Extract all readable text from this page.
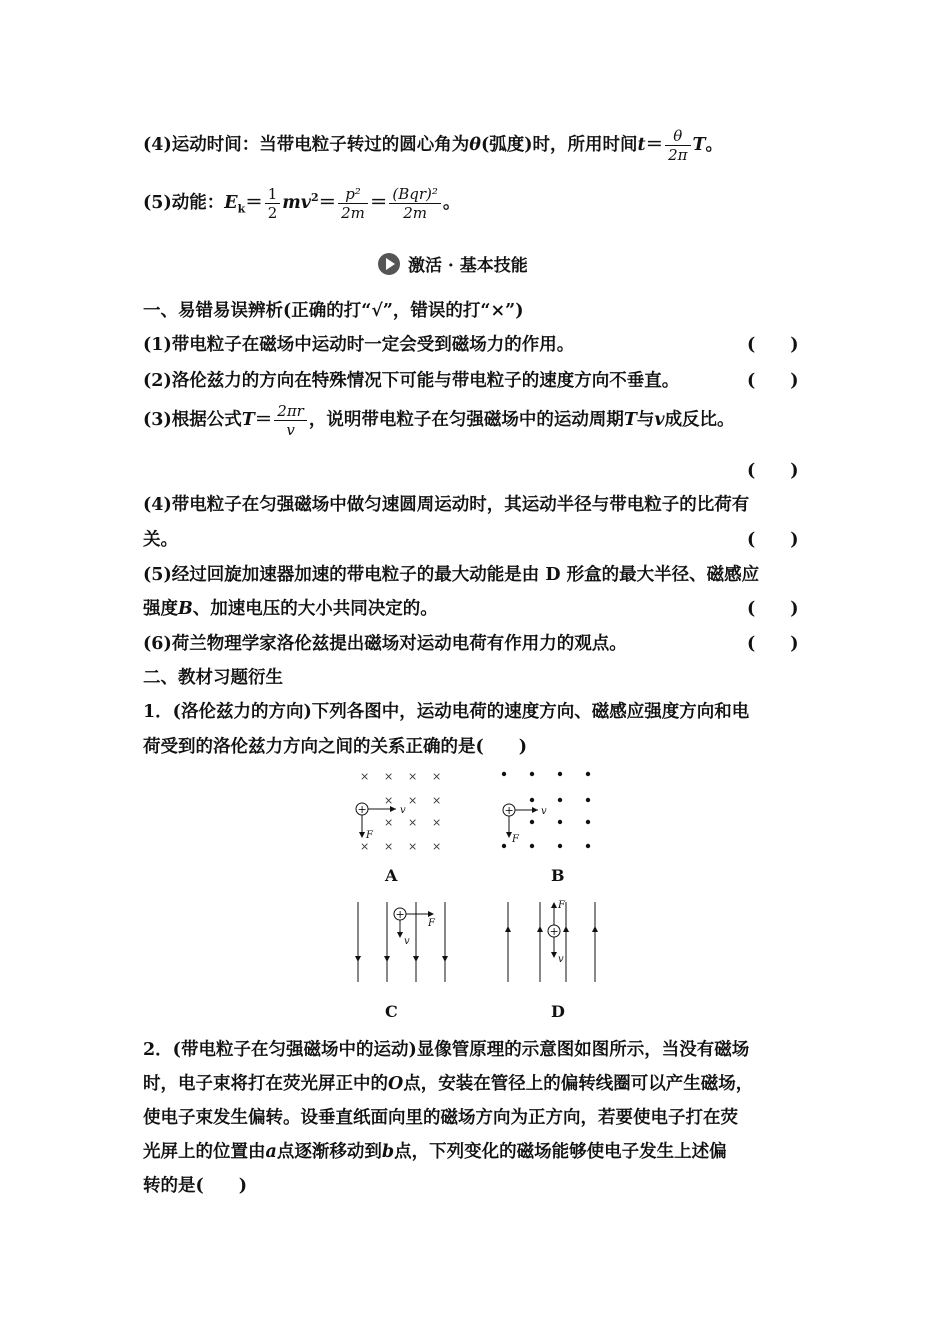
(4)运动时间：当带电粒子转过的圆心角为θ(弧度)时，所用时间$t= \frac{\theta}{2\pi}$ T。
(5)动能：$E_k= \frac{1}{2} mv^2= \frac{\text{p²}}{2m} = \frac{\text{(Bqr)²}}{2m}$ 。
激活 · 基本技能
一、易错易误辨析(正确的打“√”，错误的打“×”)
(1)带电粒子在磁场中运动时一定会受到磁场力的作用。	(　　)
(2)洛伦兹力的方向在特殊情况下可能与带电粒子的速度方向不垂直。	(　　)
(3)根据公式$T= \frac{2\pi r}{v}$ ，说明带电粒子在匀强磁场中的运动周期T与v成反比。
(　　)
(4)带电粒子在匀强磁场中做匀速圆周运动时，其运动半径与带电粒子的比荷有
关。	(　　)
(5)经过回旋加速器加速的带电粒子的最大动能是由 D 形盒的最大半径、磁感应
强度B、加速电压的大小共同决定的。	(　　)
(6)荷兰物理学家洛伦兹提出磁场对运动电荷有作用力的观点。	(　　)
二、教材习题衍生
1．(洛伦兹力的方向)下列各图中，运动电荷的速度方向、磁感应强度方向和电
荷受到的洛伦兹力方向之间的关系正确的是(　　)
× × × ×
× × ×
× × ×
× × × ×
+	v
F
A
+	v
F
B
+
F
v
C
+
F
v
D
2．(带电粒子在匀强磁场中的运动)显像管原理的示意图如图所示，当没有磁场
时，电子束将打在荧光屏正中的O点，安装在管径上的偏转线圈可以产生磁场，
使电子束发生偏转。设垂直纸面向里的磁场方向为正方向，若要使电子打在荧
光屏上的位置由a点逐渐移动到b点，下列变化的磁场能够使电子发生上述偏
转的是(　　)
